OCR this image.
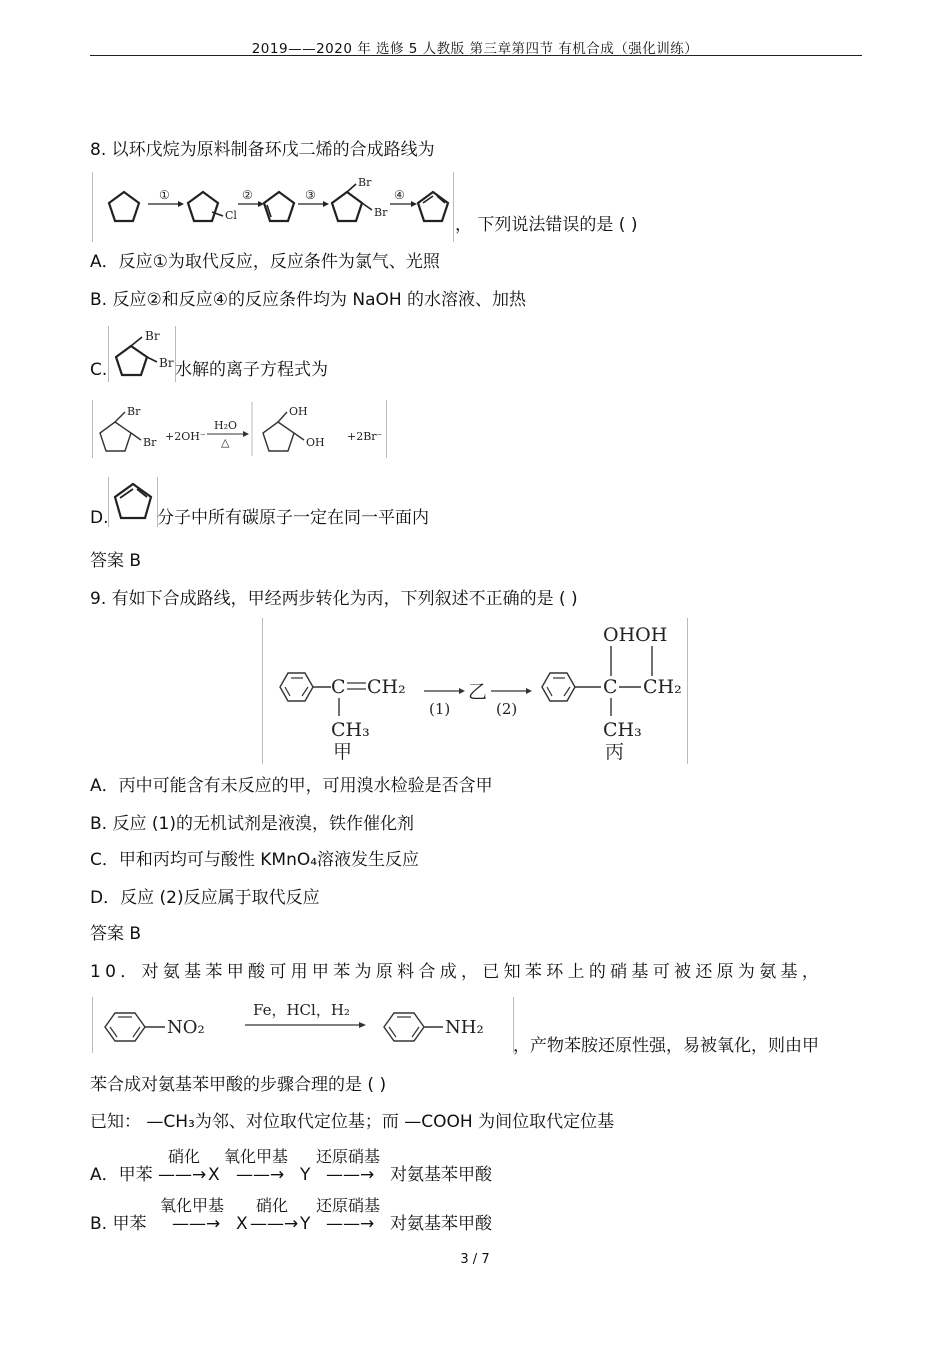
2019——2020 年 选修 5 人教版 第三章第四节 有机合成（强化训练）
8. 以环戊烷为原料制备环戊二烯的合成路线为
①
Cl
②	③
Br
Br
④
， 下列说法错误的是 ( )
A．反应①为取代反应，反应条件为氯气、光照
B. 反应②和反应④的反应条件均为 NaOH 的水溶液、加热
C.
Br
Br 水解的离子方程式为
Br
Br +2OH⁻
H₂O
△
OH
OH +2Br⁻
D.	分子中所有碳原子一定在同一平面内
答案 B
9. 有如下合成路线，甲经两步转化为丙，下列叙述不正确的是 ( )
C CH₂
CH₃
甲
(1)
乙
(2)
OHOH
C CH₂
CH₃
丙
A．丙中可能含有未反应的甲，可用溴水检验是否含甲
B. 反应 (1)的无机试剂是液溴，铁作催化剂
C．甲和丙均可与酸性 KMnO₄溶液发生反应
D．反应 (2)反应属于取代反应
答案 B
10．对氨基苯甲酸可用甲苯为原料合成，已知苯环上的硝基可被还原为氨基，
NO₂
Fe，HCl，H₂
NH₂
，产物苯胺还原性强，易被氧化，则由甲
苯合成对氨基苯甲酸的步骤合理的是 ( )
已知： —CH₃为邻、对位取代定位基；而 —COOH 为间位取代定位基
硝化 氧化甲基 还原硝基
A．甲苯 ——→ X ——→ Y ——→ 对氨基苯甲酸
氧化甲基 硝化 还原硝基
B. 甲苯 ——→ X ——→ Y ——→ 对氨基苯甲酸
3 / 7
